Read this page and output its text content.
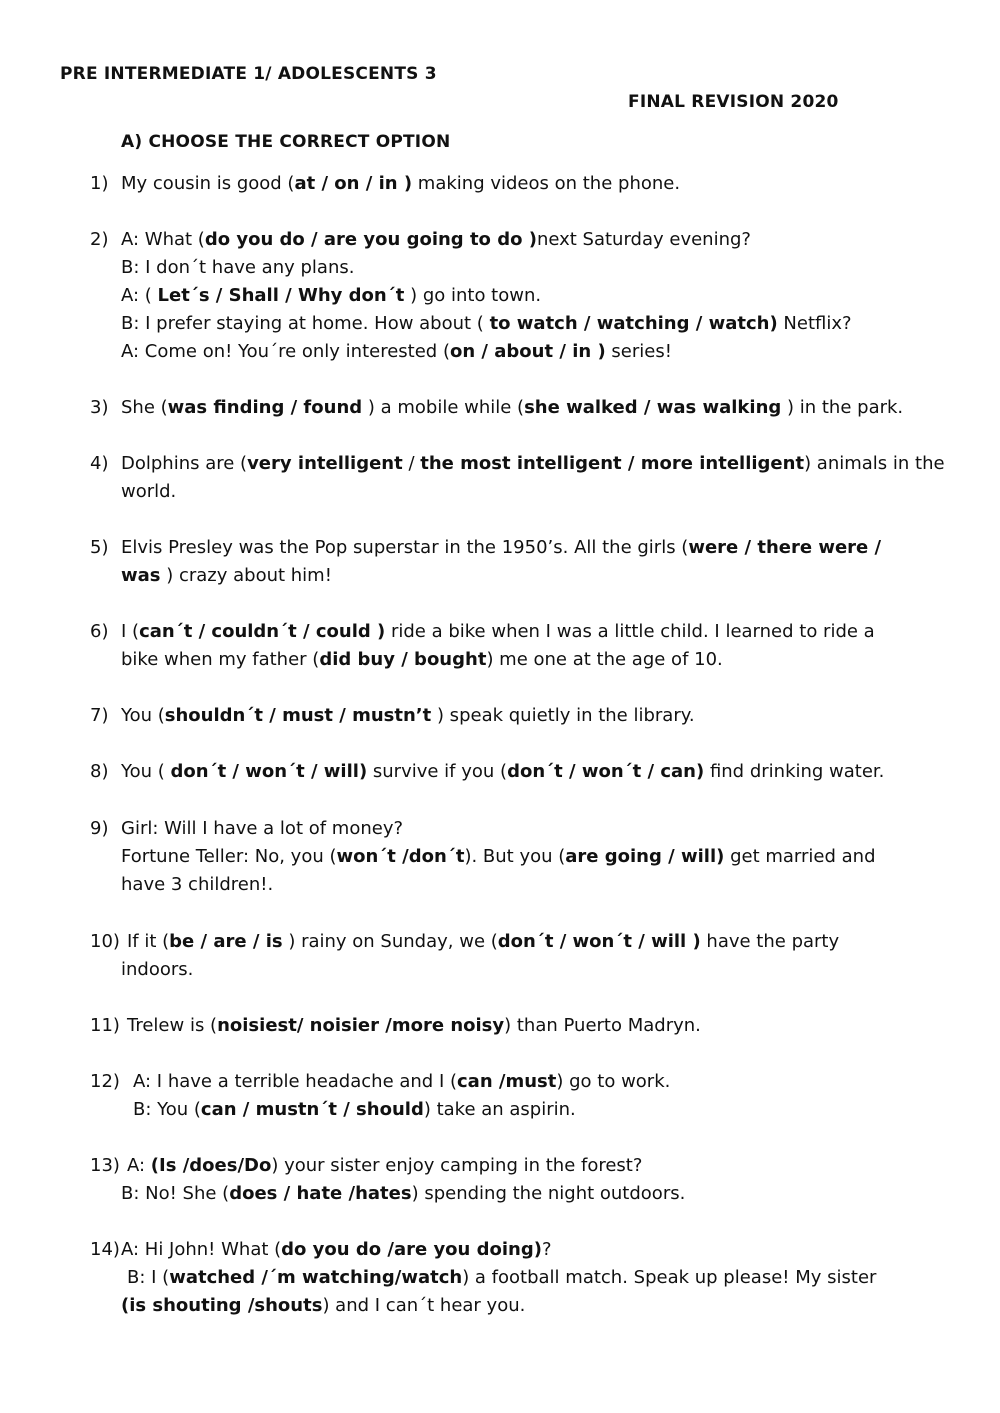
PRE INTERMEDIATE 1/ ADOLESCENTS 3
FINAL REVISION 2020
A) CHOOSE THE CORRECT OPTION
1) My cousin is good (at / on / in ) making videos on the phone.
2) A: What (do you do / are you going to do )next Saturday evening?
B: I don´t have any plans.
A: ( Let´s / Shall / Why don´t ) go into town.
B: I prefer staying at home. How about ( to watch / watching / watch) Netflix?
A: Come on! You´re only interested (on / about / in ) series!
3) She (was finding / found ) a mobile while (she walked / was walking ) in the park.
4) Dolphins are (very intelligent / the most intelligent / more intelligent) animals in the
world.
5) Elvis Presley was the Pop superstar in the 1950’s. All the girls (were / there were /
was ) crazy about him!
6) I (can´t / couldn´t / could ) ride a bike when I was a little child. I learned to ride a
bike when my father (did buy / bought) me one at the age of 10.
7) You (shouldn´t / must / mustn’t ) speak quietly in the library.
8) You ( don´t / won´t / will) survive if you (don´t / won´t / can) find drinking water.
9) Girl: Will I have a lot of money?
Fortune Teller: No, you (won´t /don´t). But you (are going / will) get married and
have 3 children!.
10) If it (be / are / is ) rainy on Sunday, we (don´t / won´t / will ) have the party
indoors.
11) Trelew is (noisiest/ noisier /more noisy) than Puerto Madryn.
12) A: I have a terrible headache and I (can /must) go to work.
B: You (can / mustn´t / should) take an aspirin.
13) A: (Is /does/Do) your sister enjoy camping in the forest?
B: No! She (does / hate /hates) spending the night outdoors.
14) A: Hi John! What (do you do /are you doing)?
B: I (watched /´m watching/watch) a football match. Speak up please! My sister
(is shouting /shouts) and I can´t hear you.
